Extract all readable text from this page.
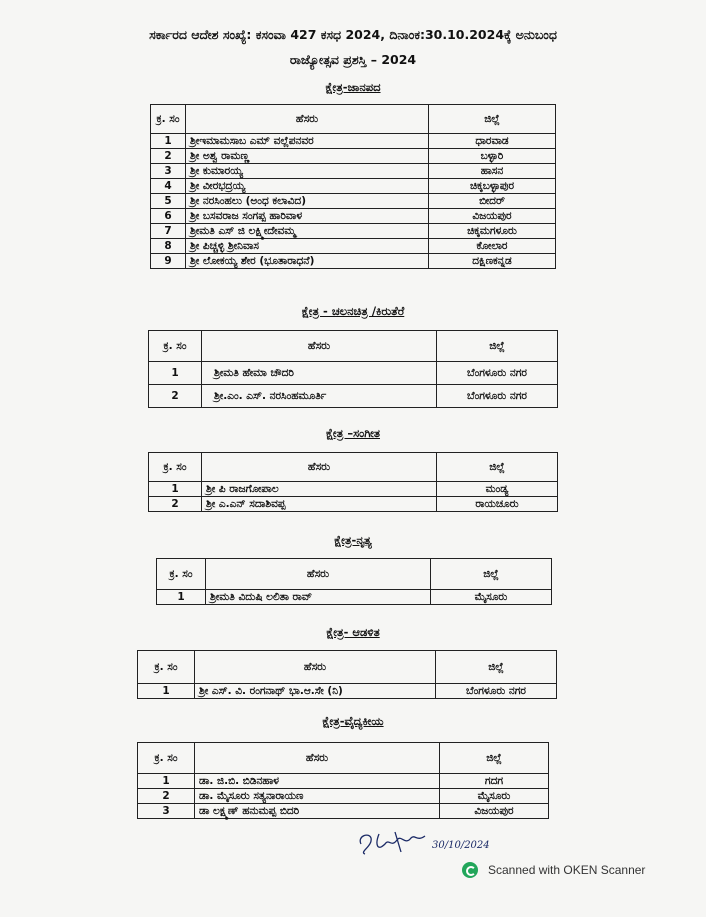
ಸರ್ಕಾರದ ಆದೇಶ ಸಂಖ್ಯೆ: ಕಸಂವಾ 427 ಕಸಧ 2024, ದಿನಾಂಕ:30.10.2024ಕ್ಕೆ ಅನುಬಂಧ
ರಾಜ್ಯೋತ್ಸವ ಪ್ರಶಸ್ತಿ – 2024
ಕ್ಷೇತ್ರ-ಜಾನಪದ
ಕ್ರ. ಸಂ	ಹೆಸರು	ಜಿಲ್ಲೆ
1	ಶ್ರೀಇಮಾಮಸಾಬ ಎಮ್ ವಲ್ಲೆಪನವರ	ಧಾರವಾಡ
2	ಶ್ರೀ ಅಶ್ವ ರಾಮಣ್ಣ	ಬಳ್ಳಾರಿ
3	ಶ್ರೀ ಕುಮಾರಯ್ಯ	ಹಾಸನ
4	ಶ್ರೀ ವೀರಭದ್ರಯ್ಯ	ಚಿಕ್ಕಬಳ್ಳಾಪುರ
5	ಶ್ರೀ ನರಸಿಂಹಲು (ಅಂಧ ಕಲಾವಿದ)	ಬೀದರ್
6	ಶ್ರೀ ಬಸವರಾಜ ಸಂಗಪ್ಪ ಹಾರಿವಾಳ	ವಿಜಯಪುರ
7	ಶ್ರೀಮತಿ ಎಸ್ ಜಿ ಲಕ್ಷ್ಮೀದೇವಮ್ಮ	ಚಿಕ್ಕಮಗಳೂರು
8	ಶ್ರೀ ಪಿಚ್ಚಳ್ಳಿ ಶ್ರೀನಿವಾಸ	ಕೋಲಾರ
9	ಶ್ರೀ ಲೋಕಯ್ಯ ಶೇರ (ಭೂತಾರಾಧನೆ)	ದಕ್ಷಿಣಕನ್ನಡ
ಕ್ಷೇತ್ರ - ಚಲನಚಿತ್ರ /ಕಿರುತೆರೆ
ಕ್ರ. ಸಂ	ಹೆಸರು	ಜಿಲ್ಲೆ
1	ಶ್ರೀಮತಿ ಹೇಮಾ ಚೌದರಿ	ಬೆಂಗಳೂರು ನಗರ
2	ಶ್ರೀ.ಎಂ. ಎಸ್. ನರಸಿಂಹಮೂರ್ತಿ	ಬೆಂಗಳೂರು ನಗರ
ಕ್ಷೇತ್ರ –ಸಂಗೀತ
ಕ್ರ. ಸಂ	ಹೆಸರು	ಜಿಲ್ಲೆ
1	ಶ್ರೀ ಪಿ ರಾಜಗೋಪಾಲ	ಮಂಡ್ಯ
2	ಶ್ರೀ ಎ.ಎನ್ ಸದಾಶಿವಪ್ಪ	ರಾಯಚೂರು
ಕ್ಷೇತ್ರ-ನೃತ್ಯ
ಕ್ರ. ಸಂ	ಹೆಸರು	ಜಿಲ್ಲೆ
1	ಶ್ರೀಮತಿ ವಿದುಷಿ ಲಲಿತಾ ರಾವ್	ಮೈಸೂರು
ಕ್ಷೇತ್ರ- ಆಡಳಿತ
ಕ್ರ. ಸಂ	ಹೆಸರು	ಜಿಲ್ಲೆ
1	ಶ್ರೀ ಎಸ್. ವಿ. ರಂಗನಾಥ್ ಭಾ.ಆ.ಸೇ (ನಿ)	ಬೆಂಗಳೂರು ನಗರ
ಕ್ಷೇತ್ರ-ವೈದ್ಯಕೀಯ
ಕ್ರ. ಸಂ	ಹೆಸರು	ಜಿಲ್ಲೆ
1	ಡಾ. ಜಿ.ಬಿ. ಬಿಡಿನಹಾಳ	ಗದಗ
2	ಡಾ. ಮೈಸೂರು ಸತ್ಯನಾರಾಯಣ	ಮೈಸೂರು
3	ಡಾ ಲಕ್ಷ್ಮಣ್ ಹನುಮಪ್ಪ ಬಿದರಿ	ವಿಜಯಪುರ
30/10/2024
Scanned with OKEN Scanner
